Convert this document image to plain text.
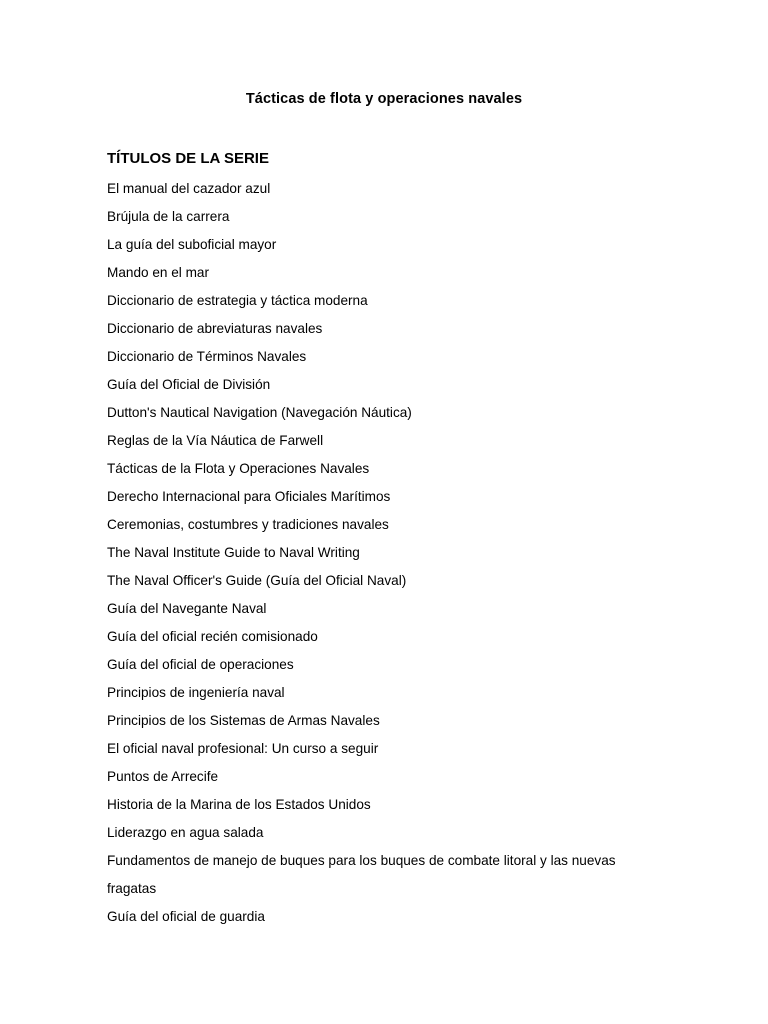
Tácticas de flota y operaciones navales
TÍTULOS DE LA SERIE
El manual del cazador azul
Brújula de la carrera
La guía del suboficial mayor
Mando en el mar
Diccionario de estrategia y táctica moderna
Diccionario de abreviaturas navales
Diccionario de Términos Navales
Guía del Oficial de División
Dutton's Nautical Navigation (Navegación Náutica)
Reglas de la Vía Náutica de Farwell
Tácticas de la Flota y Operaciones Navales
Derecho Internacional para Oficiales Marítimos
Ceremonias, costumbres y tradiciones navales
The Naval Institute Guide to Naval Writing
The Naval Officer's Guide (Guía del Oficial Naval)
Guía del Navegante Naval
Guía del oficial recién comisionado
Guía del oficial de operaciones
Principios de ingeniería naval
Principios de los Sistemas de Armas Navales
El oficial naval profesional: Un curso a seguir
Puntos de Arrecife
Historia de la Marina de los Estados Unidos
Liderazgo en agua salada
Fundamentos de manejo de buques para los buques de combate litoral y las nuevas fragatas
Guía del oficial de guardia
